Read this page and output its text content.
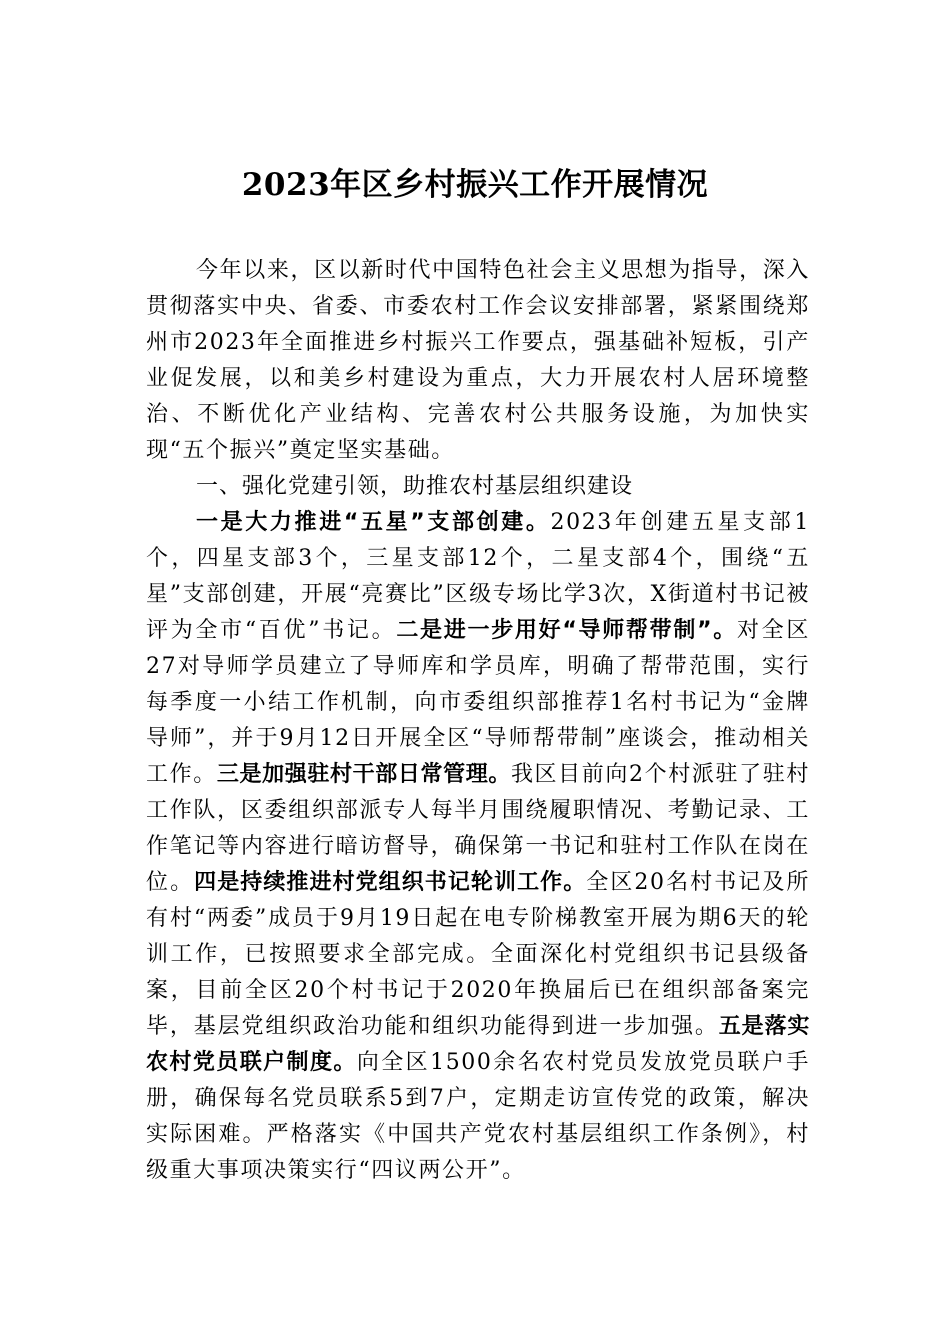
2023年区乡村振兴工作开展情况

今年以来，区以新时代中国特色社会主义思想为指导，深入贯彻落实中央、省委、市委农村工作会议安排部署，紧紧围绕郑州市2023年全面推进乡村振兴工作要点，强基础补短板，引产业促发展，以和美乡村建设为重点，大力开展农村人居环境整治、不断优化产业结构、完善农村公共服务设施，为加快实现“五个振兴”奠定坚实基础。

一、强化党建引领，助推农村基层组织建设

一是大力推进“五星”支部创建。2023年创建五星支部1个，四星支部3个，三星支部12个，二星支部4个，围绕“五星”支部创建，开展“亮赛比”区级专场比学3次，X街道村书记被评为全市“百优”书记。二是进一步用好“导师帮带制”。对全区27对导师学员建立了导师库和学员库，明确了帮带范围，实行每季度一小结工作机制，向市委组织部推荐1名村书记为“金牌导师”，并于9月12日开展全区“导师帮带制”座谈会，推动相关工作。三是加强驻村干部日常管理。我区目前向2个村派驻了驻村工作队，区委组织部派专人每半月围绕履职情况、考勤记录、工作笔记等内容进行暗访督导，确保第一书记和驻村工作队在岗在位。四是持续推进村党组织书记轮训工作。全区20名村书记及所有村“两委”成员于9月19日起在电专阶梯教室开展为期6天的轮训工作，已按照要求全部完成。全面深化村党组织书记县级备案，目前全区20个村书记于2020年换届后已在组织部备案完毕，基层党组织政治功能和组织功能得到进一步加强。五是落实农村党员联户制度。向全区1500余名农村党员发放党员联户手册，确保每名党员联系5到7户，定期走访宣传党的政策，解决实际困难。严格落实《中国共产党农村基层组织工作条例》，村级重大事项决策实行“四议两公开”。
